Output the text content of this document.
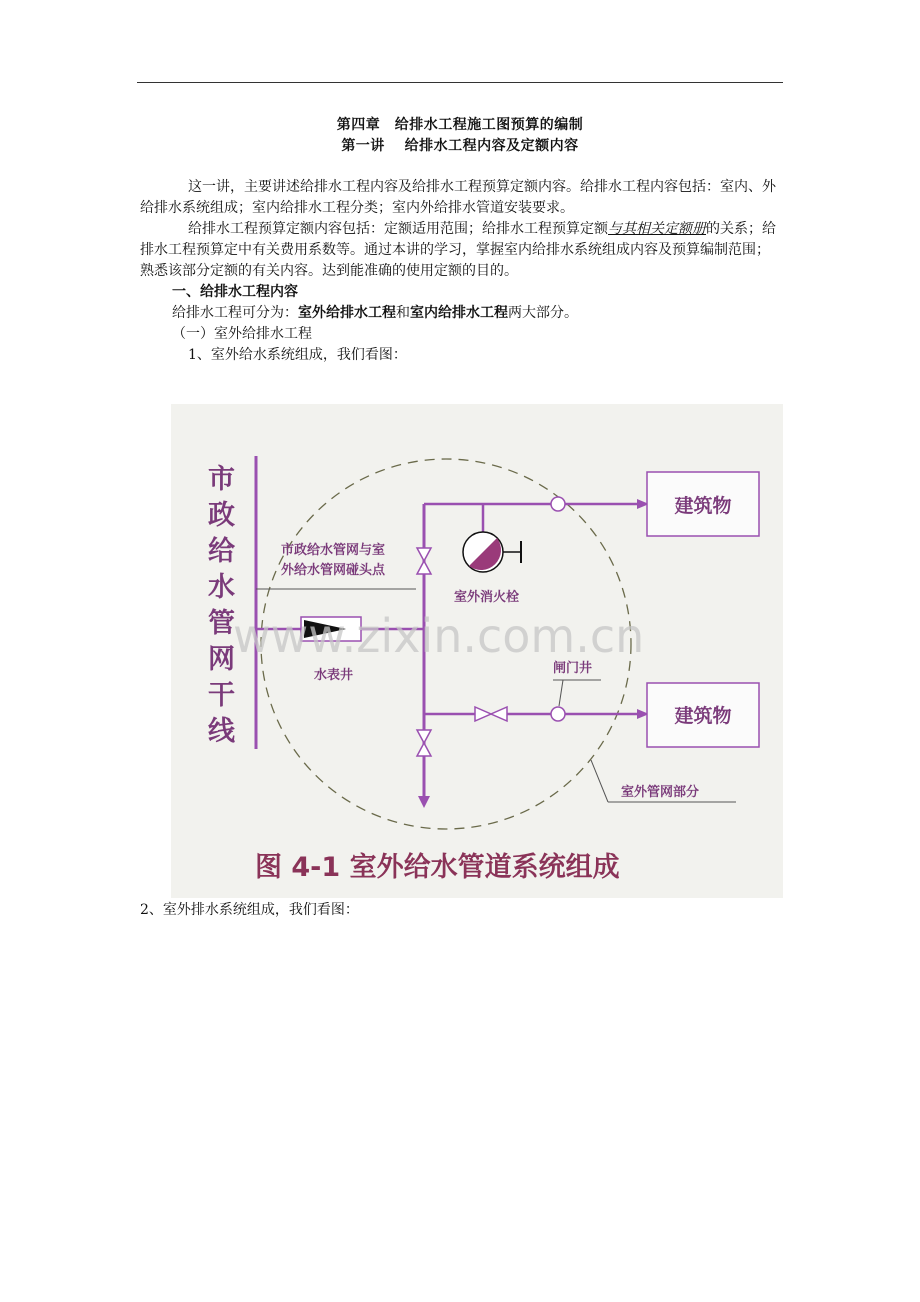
第四章　给排水工程施工图预算的编制
第一讲　 给排水工程内容及定额内容
这一讲，主要讲述给排水工程内容及给排水工程预算定额内容。给排水工程内容包括：室内、外给排水系统组成；室内给排水工程分类；室内外给排水管道安装要求。
给排水工程预算定额内容包括：定额适用范围；给排水工程预算定额与其相关定额册的关系；给排水工程预算定中有关费用系数等。通过本讲的学习，掌握室内给排水系统组成内容及预算编制范围；熟悉该部分定额的有关内容。达到能准确的使用定额的目的。
一、给排水工程内容
给排水工程可分为：室外给排水工程和室内给排水工程两大部分。
（一）室外给排水工程
1、室外给水系统组成，我们看图：
市
政
给
水
管
网
干
线
建筑物
室外消火栓
市政给水管网与室
外给水管网碰头点
水表井
建筑物
闸门井
室外管网部分
www.zixin.com.cn
图 4-1 室外给水管道系统组成
2、室外排水系统组成，我们看图：
